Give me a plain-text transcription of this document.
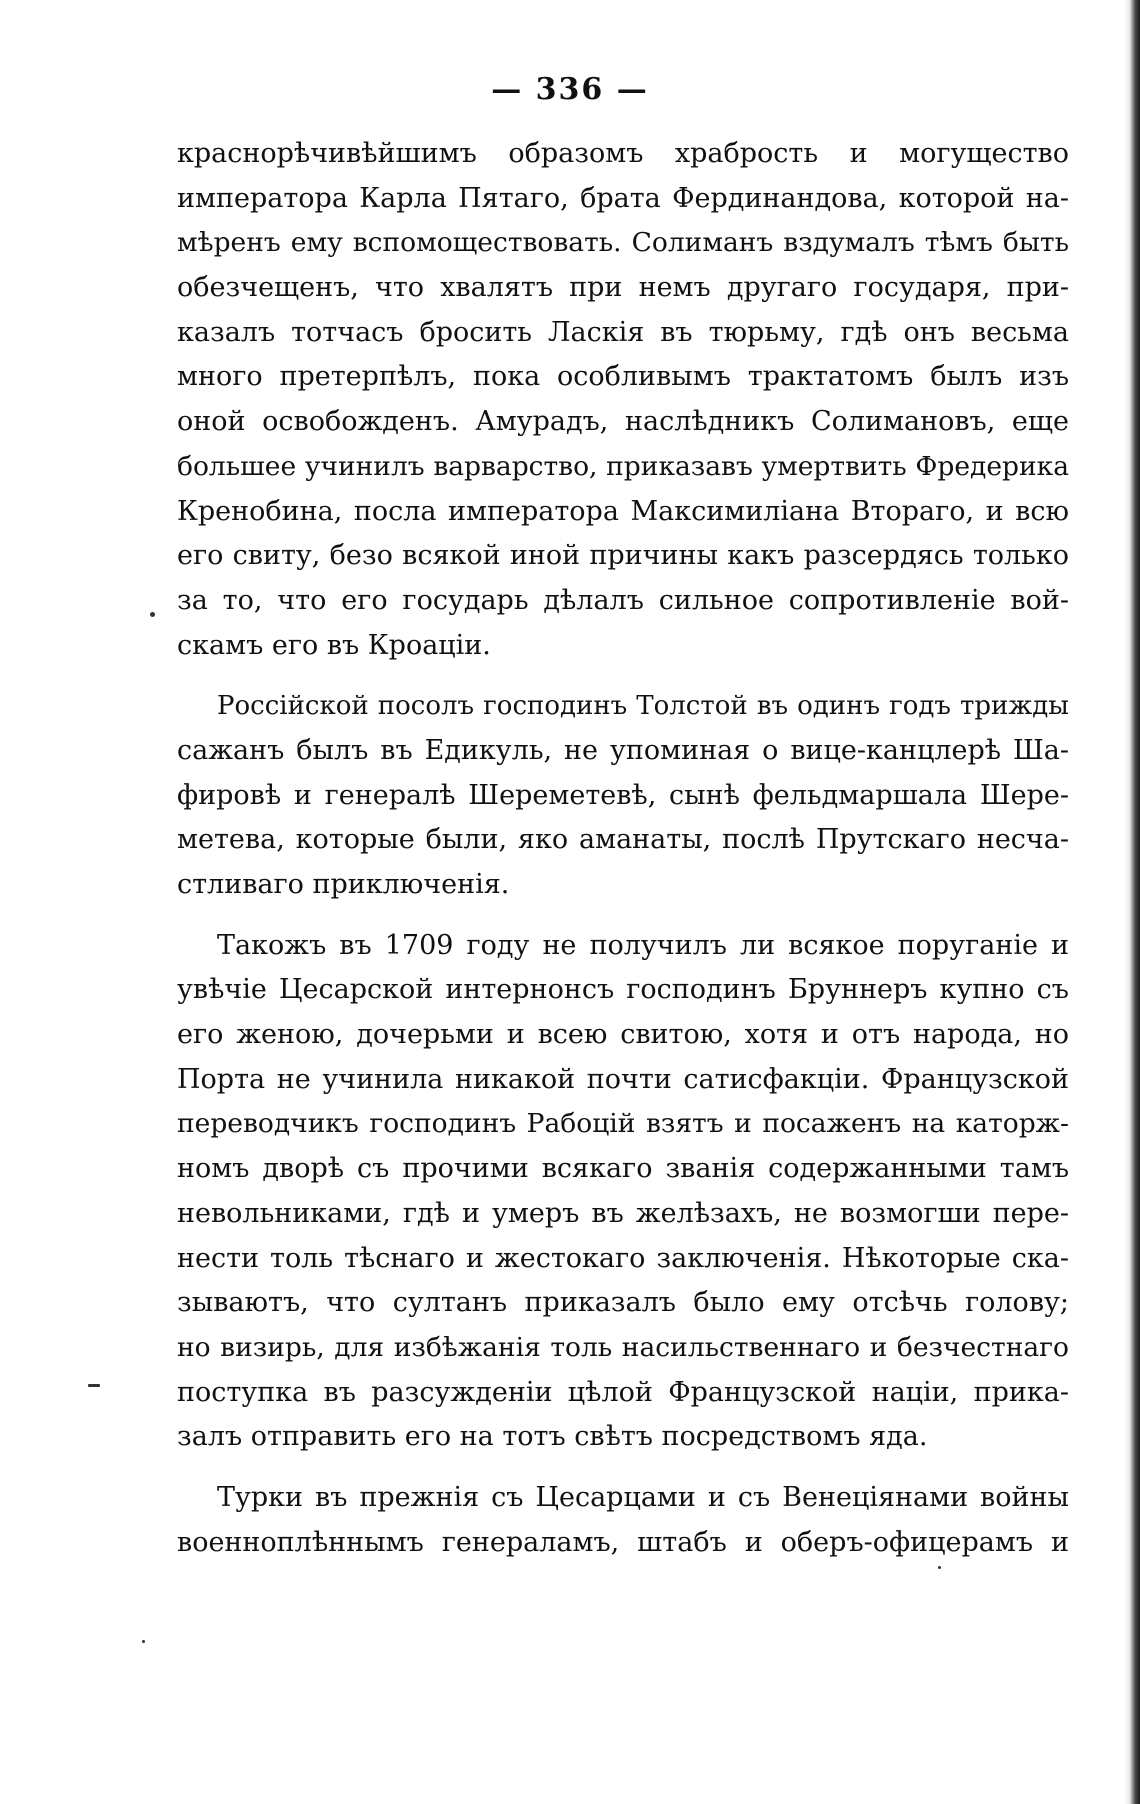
— 336 —
краснорѣчивѣйшимъ образомъ храбрость и могущество
императора Карла Пятаго, брата Фердинандова, которой на-
мѣренъ ему вспомоществовать. Солиманъ вздумалъ тѣмъ быть
обезчещенъ, что хвалятъ при немъ другаго государя, при-
казалъ тотчасъ бросить Ласкія въ тюрьму, гдѣ онъ весьма
много претерпѣлъ, пока особливымъ трактатомъ былъ изъ
оной освобожденъ. Амурадъ, наслѣдникъ Солимановъ, еще
большее учинилъ варварство, приказавъ умертвить Фредерика
Кренобина, посла императора Максимиліана Втораго, и всю
его свиту, безо всякой иной причины какъ разсердясь только
за то, что его государь дѣлалъ сильное сопротивленіе вой-
скамъ его въ Кроаціи.
Россійской посолъ господинъ Толстой въ одинъ годъ трижды
сажанъ былъ въ Едикуль, не упоминая о вице-канцлерѣ Ша-
фировѣ и генералѣ Шереметевѣ, сынѣ фельдмаршала Шере-
метева, которые были, яко аманаты, послѣ Прутскаго несча-
стливаго приключенія.
Такожъ въ 1709 году не получилъ ли всякое поруганіе и
увѣчіе Цесарской интернонсъ господинъ Бруннеръ купно съ
его женою, дочерьми и всею свитою, хотя и отъ народа, но
Порта не учинила никакой почти сатисфакціи. Французской
переводчикъ господинъ Рабоцій взятъ и посаженъ на каторж-
номъ дворѣ съ прочими всякаго званія содержанными тамъ
невольниками, гдѣ и умеръ въ желѣзахъ, не возмогши пере-
нести толь тѣснаго и жестокаго заключенія. Нѣкоторые ска-
зываютъ, что султанъ приказалъ было ему отсѣчь голову;
но визирь, для избѣжанія толь насильственнаго и безчестнаго
поступка въ разсужденіи цѣлой Французской націи, прика-
залъ отправить его на тотъ свѣтъ посредствомъ яда.
Турки въ прежнія съ Цесарцами и съ Венеціянами войны
военноплѣннымъ генераламъ, штабъ и оберъ-офицерамъ и
